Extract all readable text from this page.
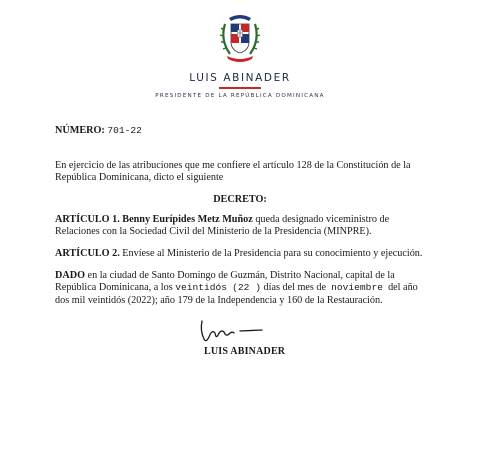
LUIS ABINADER
PRESIDENTE DE LA REPÚBLICA DOMINICANA
NÚMERO: 701-22
En ejercicio de las atribuciones que me confiere el artículo 128 de la Constitución de la República Dominicana, dicto el siguiente
DECRETO:
ARTÍCULO 1. Benny Eurípides Metz Muñoz queda designado viceministro de Relaciones con la Sociedad Civil del Ministerio de la Presidencia (MINPRE).
ARTÍCULO 2. Envíese al Ministerio de la Presidencia para su conocimiento y ejecución.
DADO en la ciudad de Santo Domingo de Guzmán, Distrito Nacional, capital de la República Dominicana, a los veintidós (22 ) días del mes de noviembre del año dos mil veintidós (2022); año 179 de la Independencia y 160 de la Restauración.
LUIS ABINADER
